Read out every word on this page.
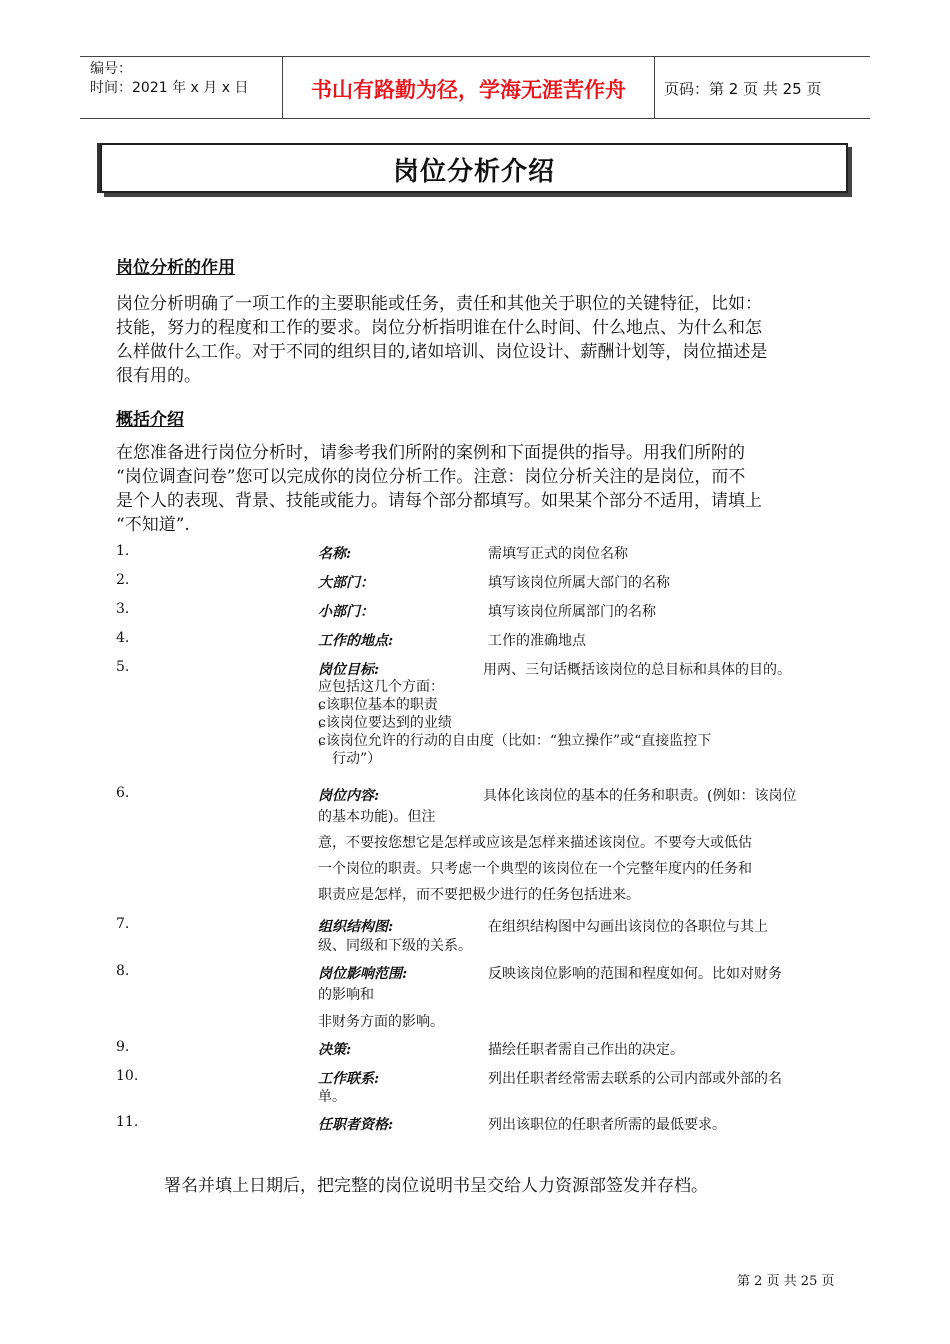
编号：
时间：2021 年 x 月 x 日	书山有路勤为径，学海无涯苦作舟	页码：第 2 页 共 25 页
岗位分析介绍
岗位分析的作用
岗位分析明确了一项工作的主要职能或任务，责任和其他关于职位的关键特征，比如：
技能，努力的程度和工作的要求。岗位分析指明谁在什么时间、什么地点、为什么和怎
么样做什么工作。对于不同的组织目的,诸如培训、岗位设计、薪酬计划等，岗位描述是
很有用的。
概括介绍
在您准备进行岗位分析时，请参考我们所附的案例和下面提供的指导。用我们所附的
“岗位调查问卷”您可以完成你的岗位分析工作。注意：岗位分析关注的是岗位，而不
是个人的表现、背景、技能或能力。请每个部分都填写。如果某个部分不适用，请填上
“不知道”.
1.	名称:	需填写正式的岗位名称
2.	大部门：	填写该岗位所属大部门的名称
3.	小部门：	填写该岗位所属部门的名称
4.	工作的地点:	工作的准确地点
5.	岗位目标:	用两、三句话概括该岗位的总目标和具体的目的。
应包括这几个方面：
ɕ该职位基本的职责
ɕ该岗位要达到的业绩
ɕ该岗位允许的行动的自由度（比如：“独立操作”或“直接监控下
　行动”）
6.	岗位内容:	具体化该岗位的基本的任务和职责。(例如：该岗位
的基本功能)。但注
意，不要按您想它是怎样或应该是怎样来描述该岗位。不要夸大或低估
一个岗位的职责。只考虑一个典型的该岗位在一个完整年度内的任务和
职责应是怎样，而不要把极少进行的任务包括进来。
7.	组织结构图:	在组织结构图中勾画出该岗位的各职位与其上
级、同级和下级的关系。
8.	岗位影响范围:	反映该岗位影响的范围和程度如何。比如对财务
的影响和
非财务方面的影响。
9.	决策:	描绘任职者需自己作出的决定。
10.	工作联系:	列出任职者经常需去联系的公司内部或外部的名
单。
11.	任职者资格:	列出该职位的任职者所需的最低要求。
署名并填上日期后，把完整的岗位说明书呈交给人力资源部签发并存档。
第 2 页 共 25 页
